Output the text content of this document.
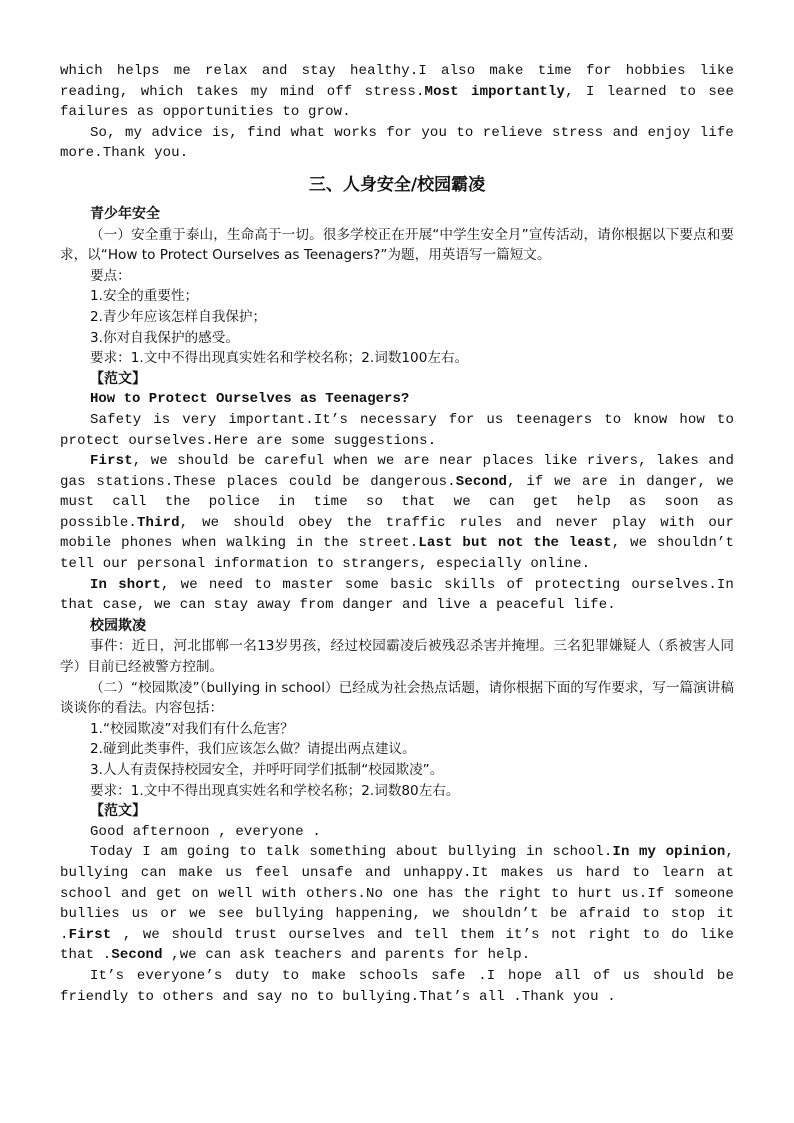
which helps me relax and stay healthy.I also make time for hobbies like reading, which takes my mind off stress.Most importantly, I learned to see failures as opportunities to grow.

So, my advice is, find what works for you to relieve stress and enjoy life more.Thank you.

三、人身安全/校园霸凌

青少年安全

（一）安全重于泰山，生命高于一切。很多学校正在开展“中学生安全月”宣传活动，请你根据以下要点和要求，以“How to Protect Ourselves as Teenagers?”为题，用英语写一篇短文。

要点：

1.安全的重要性；

2.青少年应该怎样自我保护；

3.你对自我保护的感受。

要求：1.文中不得出现真实姓名和学校名称；2.词数100左右。

【范文】

How to Protect Ourselves as Teenagers?

Safety is very important.It’s necessary for us teenagers to know how to protect ourselves.Here are some suggestions.

First, we should be careful when we are near places like rivers, lakes and gas stations.These places could be dangerous.Second, if we are in danger, we must call the police in time so that we can get help as soon as possible.Third, we should obey the traffic rules and never play with our mobile phones when walking in the street.Last but not the least, we shouldn’t tell our personal information to strangers, especially online.

In short, we need to master some basic skills of protecting ourselves.In that case, we can stay away from danger and live a peaceful life.

校园欺凌

事件：近日，河北邯郸一名13岁男孩，经过校园霸凌后被残忍杀害并掩埋。三名犯罪嫌疑人（系被害人同学）目前已经被警方控制。

（二）“校园欺凌”（bullying in school）已经成为社会热点话题，请你根据下面的写作要求，写一篇演讲稿谈谈你的看法。内容包括：

1.“校园欺凌”对我们有什么危害？

2.碰到此类事件，我们应该怎么做？请提出两点建议。

3.人人有责保持校园安全，并呼吁同学们抵制“校园欺凌”。

要求：1.文中不得出现真实姓名和学校名称；2.词数80左右。

【范文】

Good afternoon , everyone .

Today I am going to talk something about bullying in school.In my opinion, bullying can make us feel unsafe and unhappy.It makes us hard to learn at school and get on well with others.No one has the right to hurt us.If someone bullies us or we see bullying happening, we shouldn’t be afraid to stop it .First , we should trust ourselves and tell them it’s not right to do like that .Second ,we can ask teachers and parents for help.

It’s everyone’s duty to make schools safe .I hope all of us should be friendly to others and say no to bullying.That’s all .Thank you .
